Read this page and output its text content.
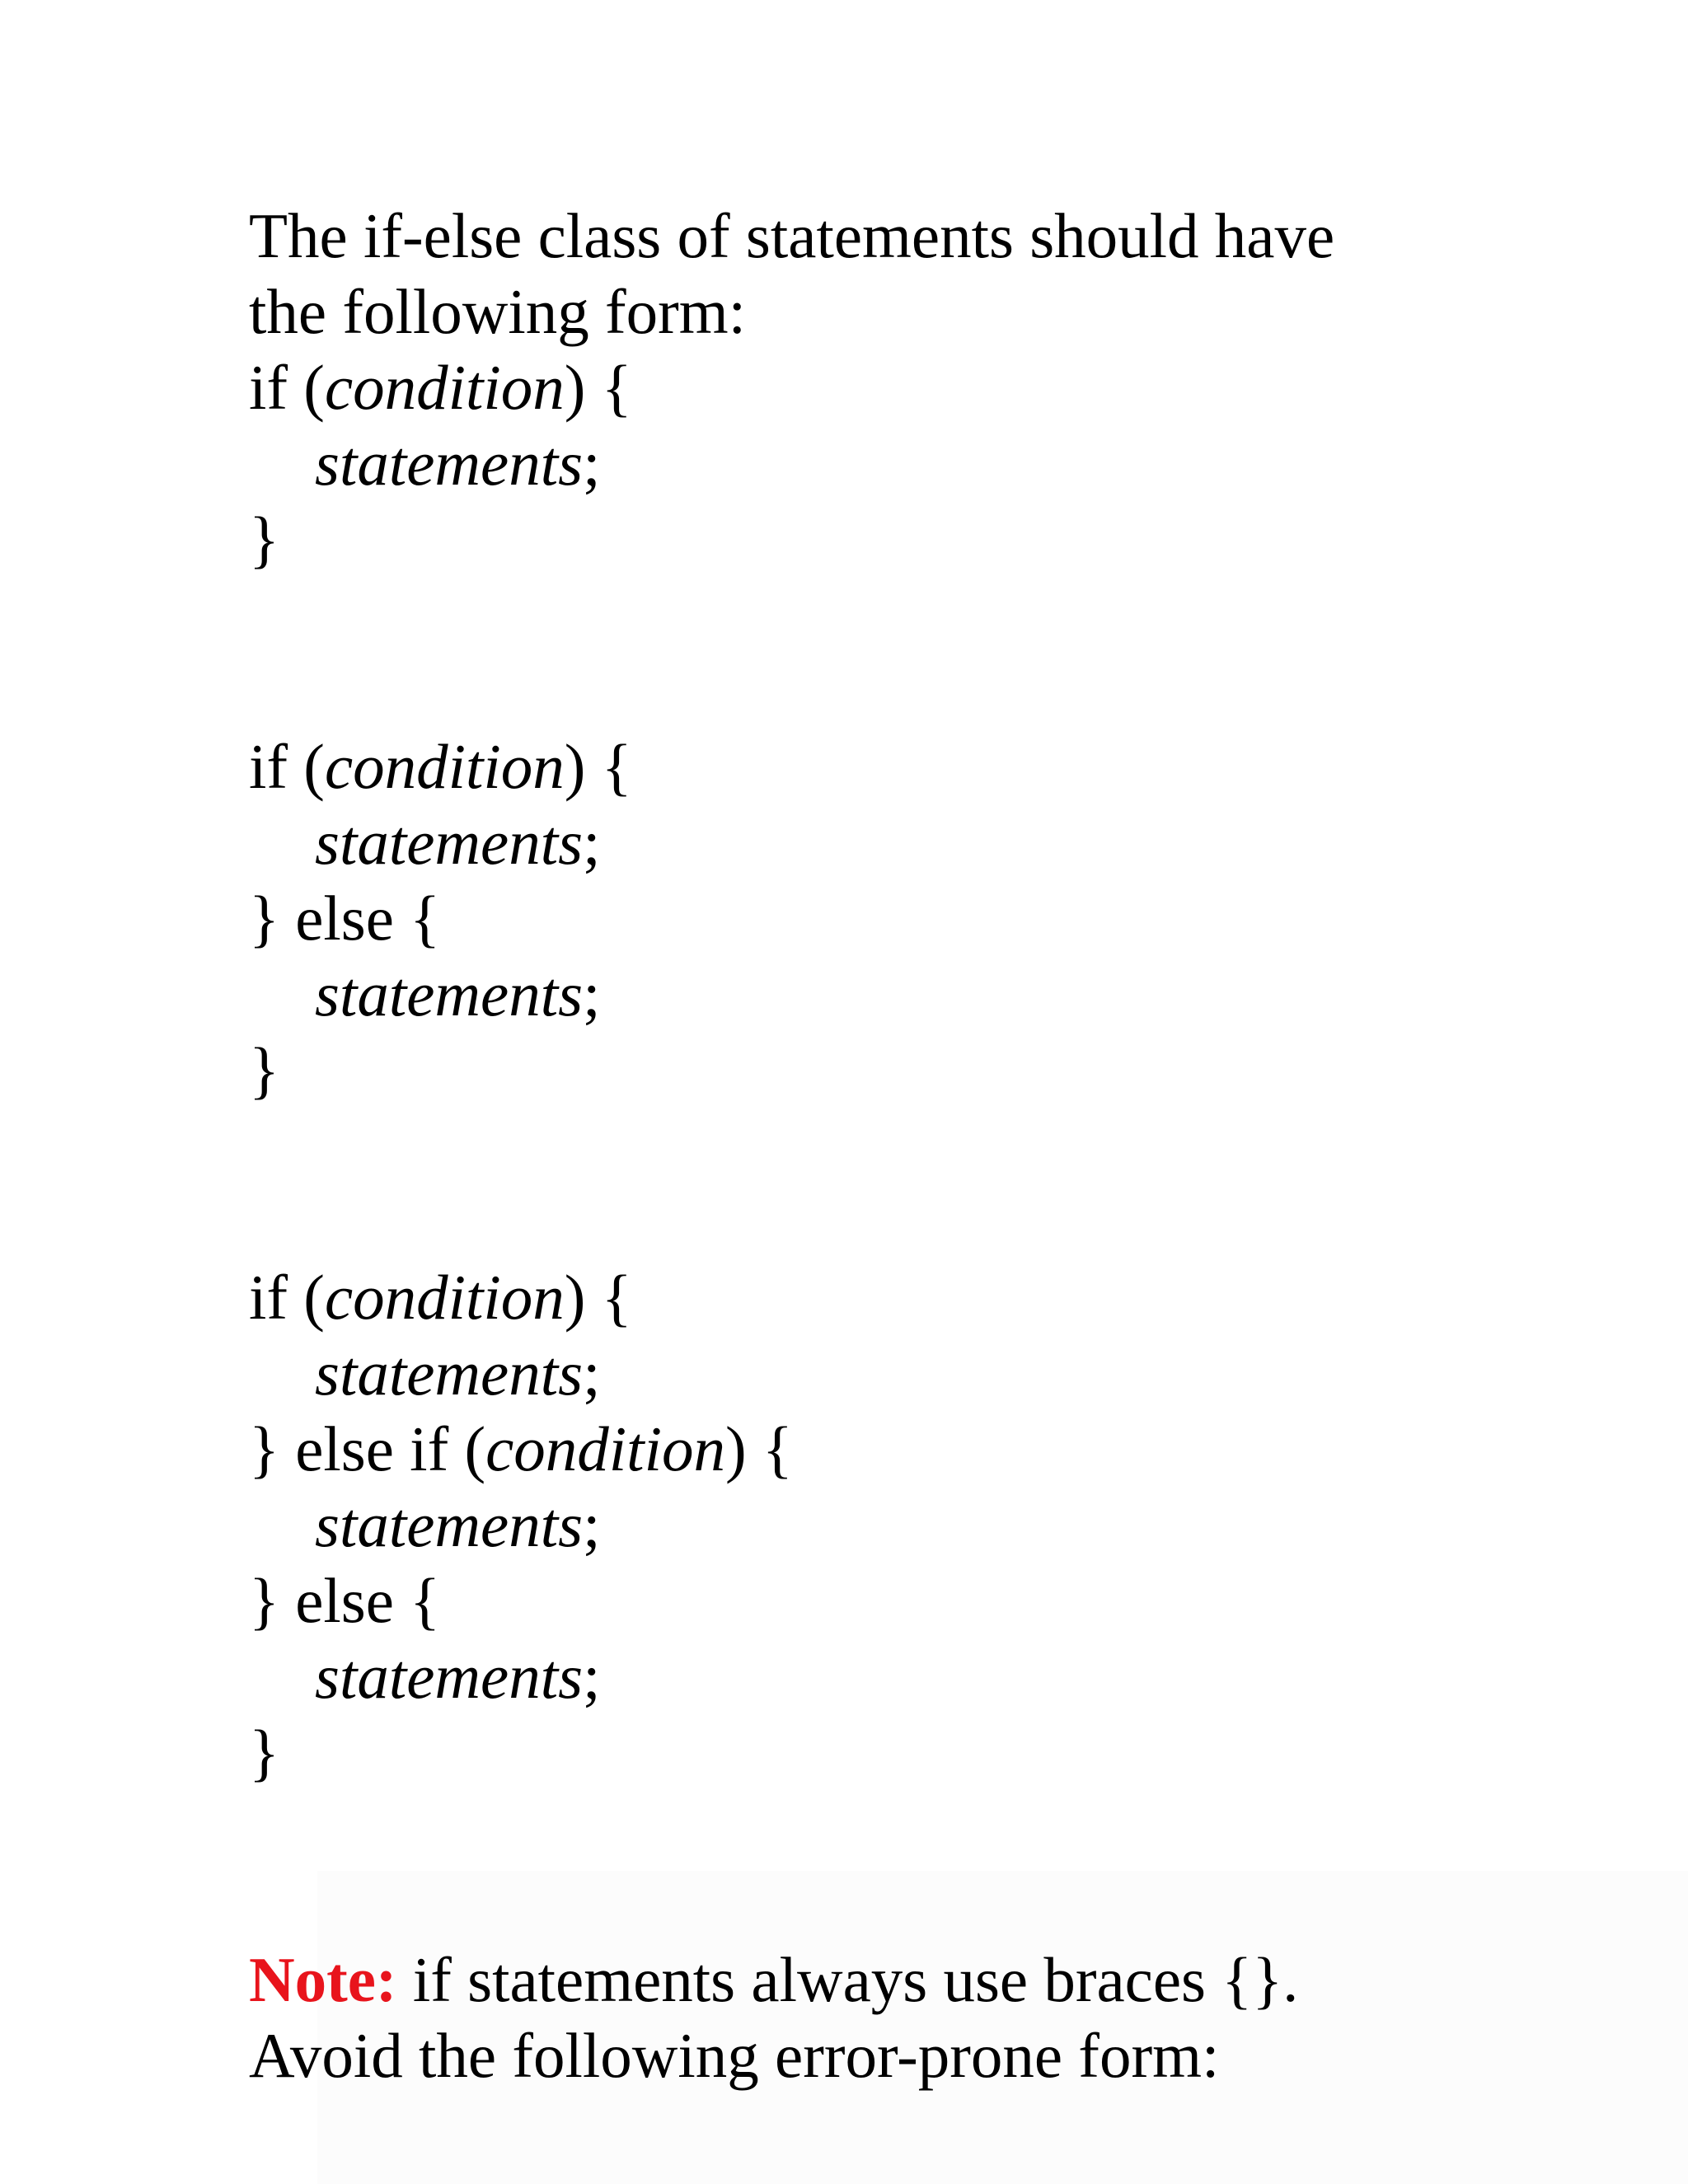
The if-else class of statements should have
the following form:
if (condition) {
statements;
}
if (condition) {
statements;
} else {
statements;
}
if (condition) {
statements;
} else if (condition) {
statements;
} else {
statements;
}
Note: if statements always use braces {}.
Avoid the following error-prone form:
